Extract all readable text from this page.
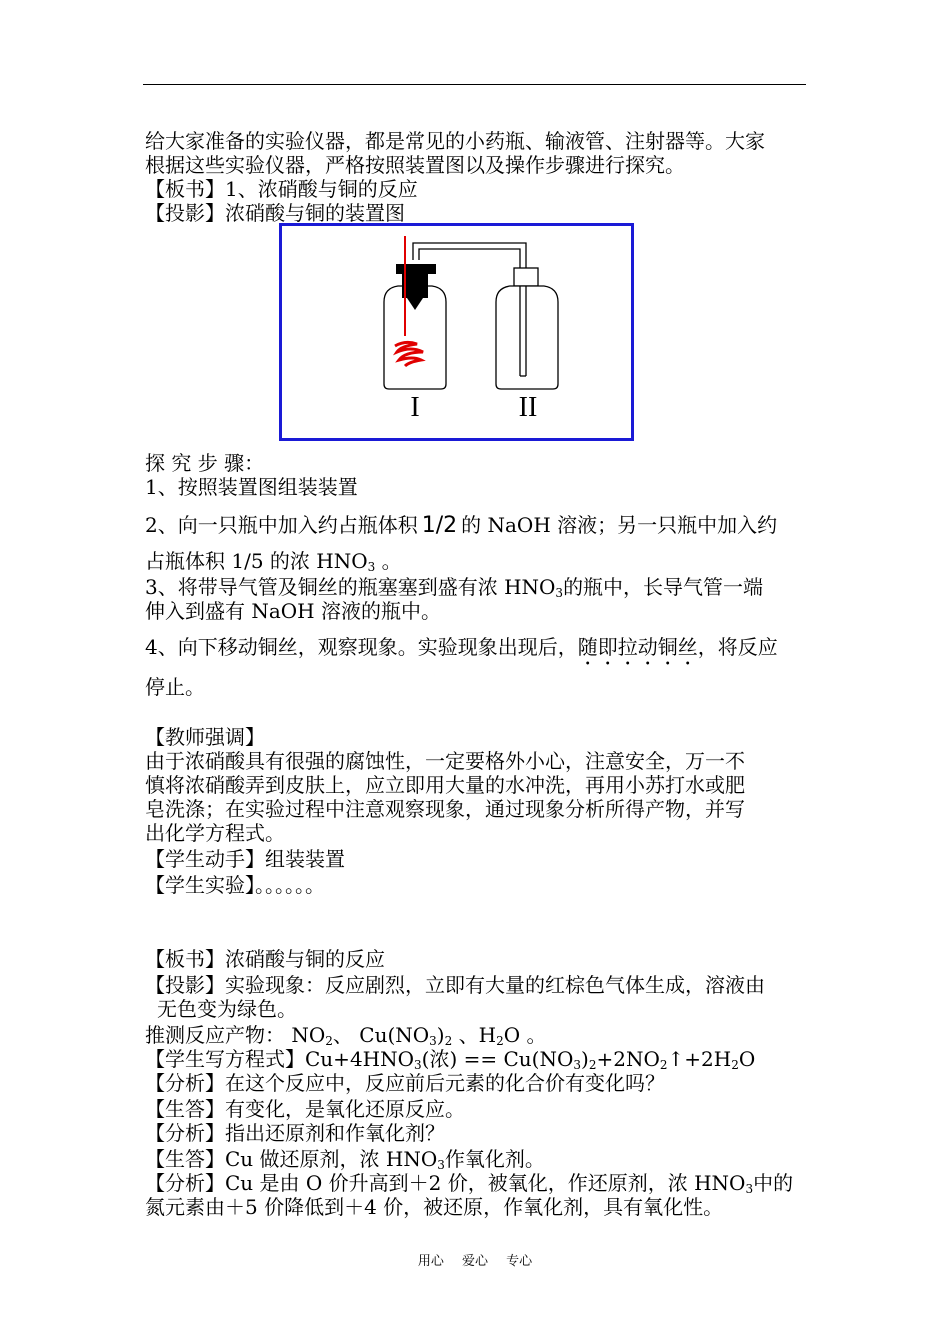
给大家准备的实验仪器，都是常见的小药瓶、输液管、注射器等。大家
根据这些实验仪器，严格按照装置图以及操作步骤进行探究。
【板书】1、浓硝酸与铜的反应
【投影】浓硝酸与铜的装置图
I	II
探 究 步 骤：
1、按照装置图组装装置
2、向一只瓶中加入约占瓶体积 1/2 的 NaOH 溶液；另一只瓶中加入约
占瓶体积 1/5 的浓 $HNO_3$ 。
3、将带导气管及铜丝的瓶塞塞到盛有浓 $HNO_3$的瓶中，长导气管一端
伸入到盛有 NaOH 溶液的瓶中。
4、向下移动铜丝，观察现象。实验现象出现后，随即拉动铜丝，将反应
停止。
【教师强调】
由于浓硝酸具有很强的腐蚀性，一定要格外小心，注意安全，万一不
慎将浓硝酸弄到皮肤上，应立即用大量的水冲洗，再用小苏打水或肥
皂洗涤；在实验过程中注意观察现象，通过现象分析所得产物，并写
出化学方程式。
【学生动手】组装装置
【学生实验】。。。。。。
【板书】浓硝酸与铜的反应
【投影】实验现象：反应剧烈，立即有大量的红棕色气体生成，溶液由
无色变为绿色。
推测反应产物： $NO_2$、 $Cu(NO_3)_2$ 、$H_2O$ 。
【学生写方程式】$Cu+4HNO_3$(浓) == $Cu(NO_3)_2+2NO_2↑+2H_2O$
【分析】在这个反应中，反应前后元素的化合价有变化吗？
【生答】有变化，是氧化还原反应。
【分析】指出还原剂和作氧化剂？
【生答】Cu 做还原剂，浓 $HNO_3$作氧化剂。
【分析】Cu 是由 O 价升高到＋2 价，被氧化，作还原剂，浓 $HNO_3$中的
氮元素由＋5 价降低到＋4 价，被还原，作氧化剂，具有氧化性。
用心 爱心 专心
